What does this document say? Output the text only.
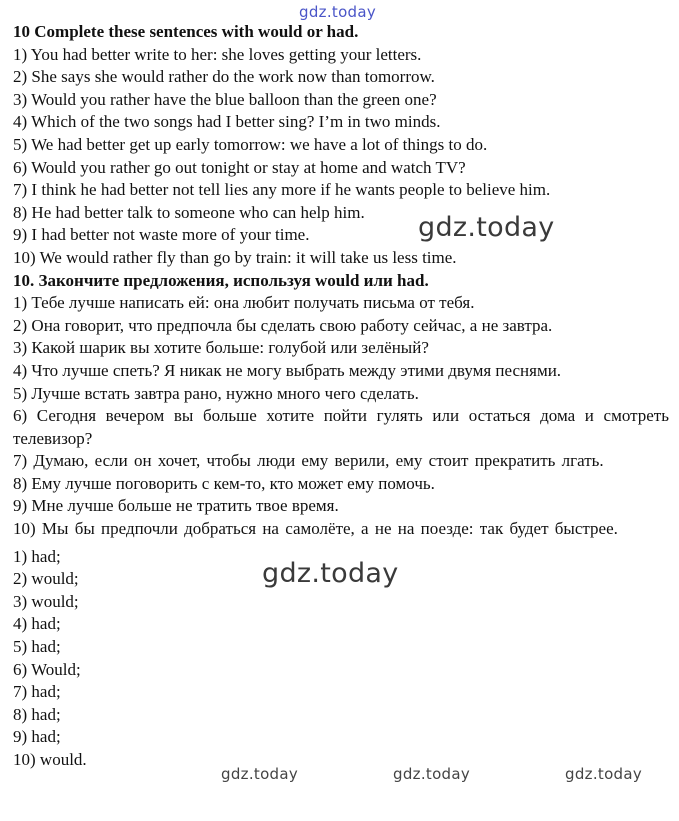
10 Complete these sentences with would or had.
1) You had better write to her: she loves getting your letters.
2) She says she would rather do the work now than tomorrow.
3) Would you rather have the blue balloon than the green one?
4) Which of the two songs had I better sing? I’m in two minds.
5) We had better get up early tomorrow: we have a lot of things to do.
6) Would you rather go out tonight or stay at home and watch TV?
7) I think he had better not tell lies any more if he wants people to believe him.
8) He had better talk to someone who can help him.
9) I had better not waste more of your time.
10) We would rather fly than go by train: it will take us less time.
10. Закончите предложения, используя would или had.
1) Тебе лучше написать ей: она любит получать письма от тебя.
2) Она говорит, что предпочла бы сделать свою работу сейчас, а не завтра.
3) Какой шарик вы хотите больше: голубой или зелёный?
4) Что лучше спеть? Я никак не могу выбрать между этими двумя песнями.
5) Лучше встать завтра рано, нужно много чего сделать.
6) Сегодня вечером вы больше хотите пойти гулять или остаться дома и смотреть телевизор?
7) Думаю, если он хочет, чтобы люди ему верили, ему стоит прекратить лгать.
8) Ему лучше поговорить с кем-то, кто может ему помочь.
9) Мне лучше больше не тратить твое время.
10) Мы бы предпочли добраться на самолёте, а не на поезде: так будет быстрее.
1) had;
2) would;
3) would;
4) had;
5) had;
6) Would;
7) had;
8) had;
9) had;
10) would.
gdz.today
gdz.today
gdz.today
gdz.today	gdz.today	gdz.today
